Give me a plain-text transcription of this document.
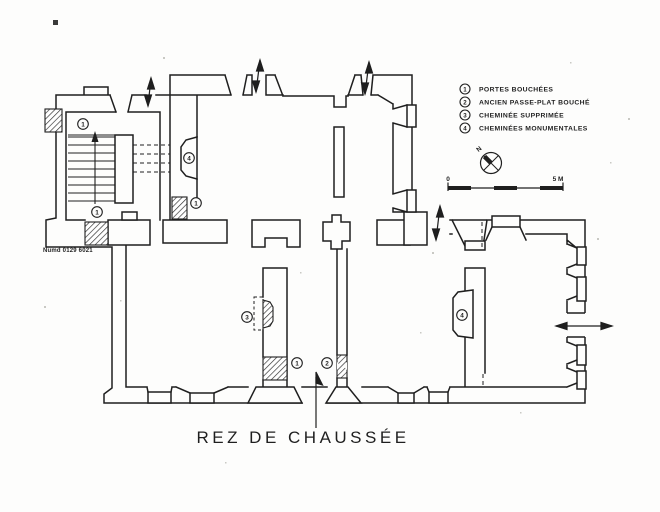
1
1
1
4
3
1	2
4
1 PORTES BOUCHÉES
2 ANCIEN PASSE-PLAT BOUCHÉ
3 CHEMINÉE SUPPRIMÉE
4 CHEMINÉES MONUMENTALES
N
0	5 M
REZ DE CHAUSSÉE
Numd 0129 6021
